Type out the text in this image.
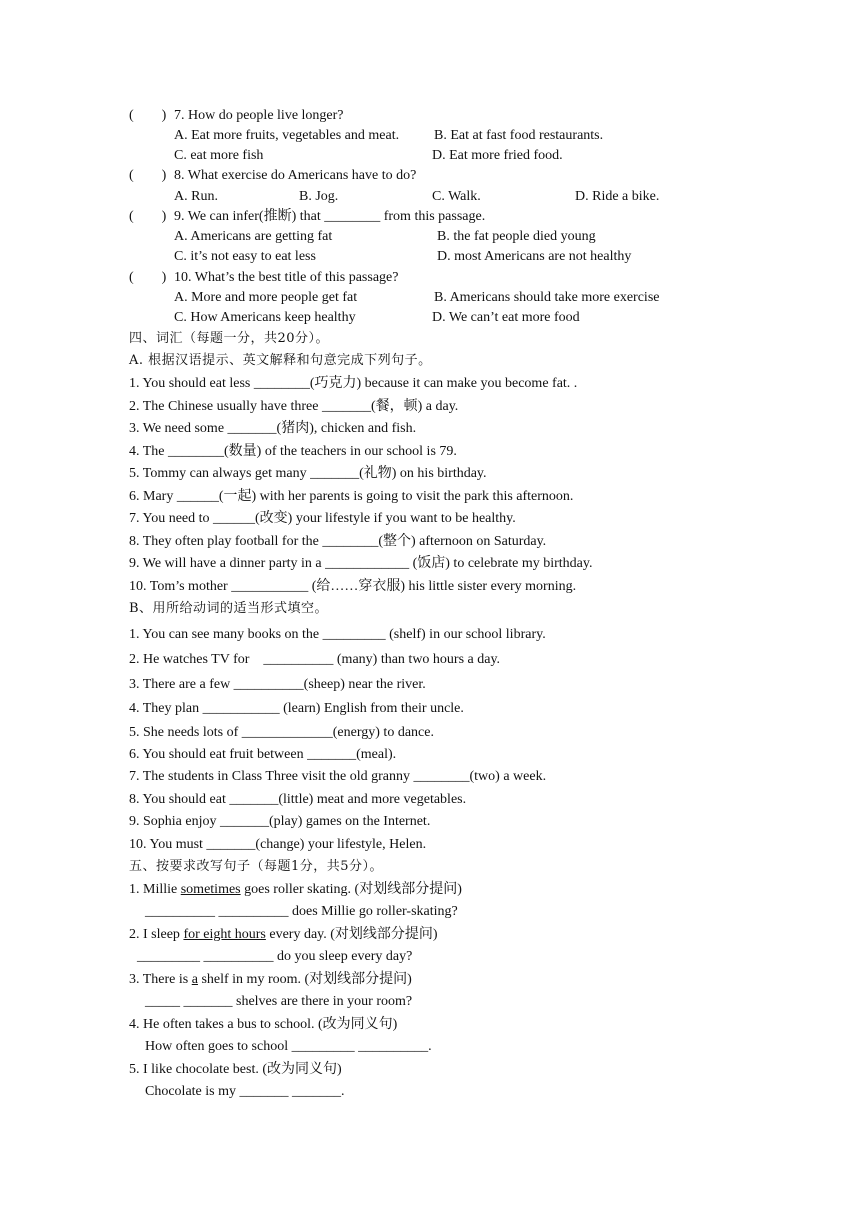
(        ) 7. How do people live longer?
A. Eat more fruits, vegetables and meat. B. Eat at fast food restaurants.
C. eat more fish	D. Eat more fried food.
(        ) 8. What exercise do Americans have to do?
A. Run.	B. Jog.	C. Walk.	D. Ride a bike.
(        ) 9. We can infer(推断) that ________ from this passage.
A. Americans are getting fat	B. the fat people died young
C. it’s not easy to eat less	D. most Americans are not healthy
(        ) 10. What’s the best title of this passage?
A. More and more people get fat	B. Americans should take more exercise
C. How Americans keep healthy	D. We can’t eat more food
四、词汇（每题一分，共20分）。
A. 根据汉语提示、英文解释和句意完成下列句子。
1. You should eat less ________(巧克力) because it can make you become fat. .
2. The Chinese usually have three _______(餐，顿) a day.
3. We need some _______(猪肉), chicken and fish.
4. The ________(数量) of the teachers in our school is 79.
5. Tommy can always get many _______(礼物) on his birthday.
6. Mary ______(一起) with her parents is going to visit the park this afternoon.
7. You need to ______(改变) your lifestyle if you want to be healthy.
8. They often play football for the ________(整个) afternoon on Saturday.
9. We will have a dinner party in a ____________ (饭店) to celebrate my birthday.
10. Tom’s mother ___________ (给……穿衣服) his little sister every morning.
B、用所给动词的适当形式填空。
1. You can see many books on the _________ (shelf) in our school library.
2. He watches TV for    __________ (many) than two hours a day.
3. There are a few __________(sheep) near the river.
4. They plan ___________ (learn) English from their uncle.
5. She needs lots of _____________(energy) to dance.
6. You should eat fruit between _______(meal).
7. The students in Class Three visit the old granny ________(two) a week.
8. You should eat _______(little) meat and more vegetables.
9. Sophia enjoy _______(play) games on the Internet.
10. You must _______(change) your lifestyle, Helen.
五、按要求改写句子（每题1分，共5分）。
1. Millie sometimes goes roller skating. (对划线部分提问)
__________ __________ does Millie go roller-skating?
2. I sleep for eight hours every day. (对划线部分提问)
_________ __________ do you sleep every day?
3. There is a shelf in my room. (对划线部分提问)
_____ _______ shelves are there in your room?
4. He often takes a bus to school. (改为同义句)
How often goes to school _________ __________.
5. I like chocolate best. (改为同义句)
Chocolate is my _______ _______.
